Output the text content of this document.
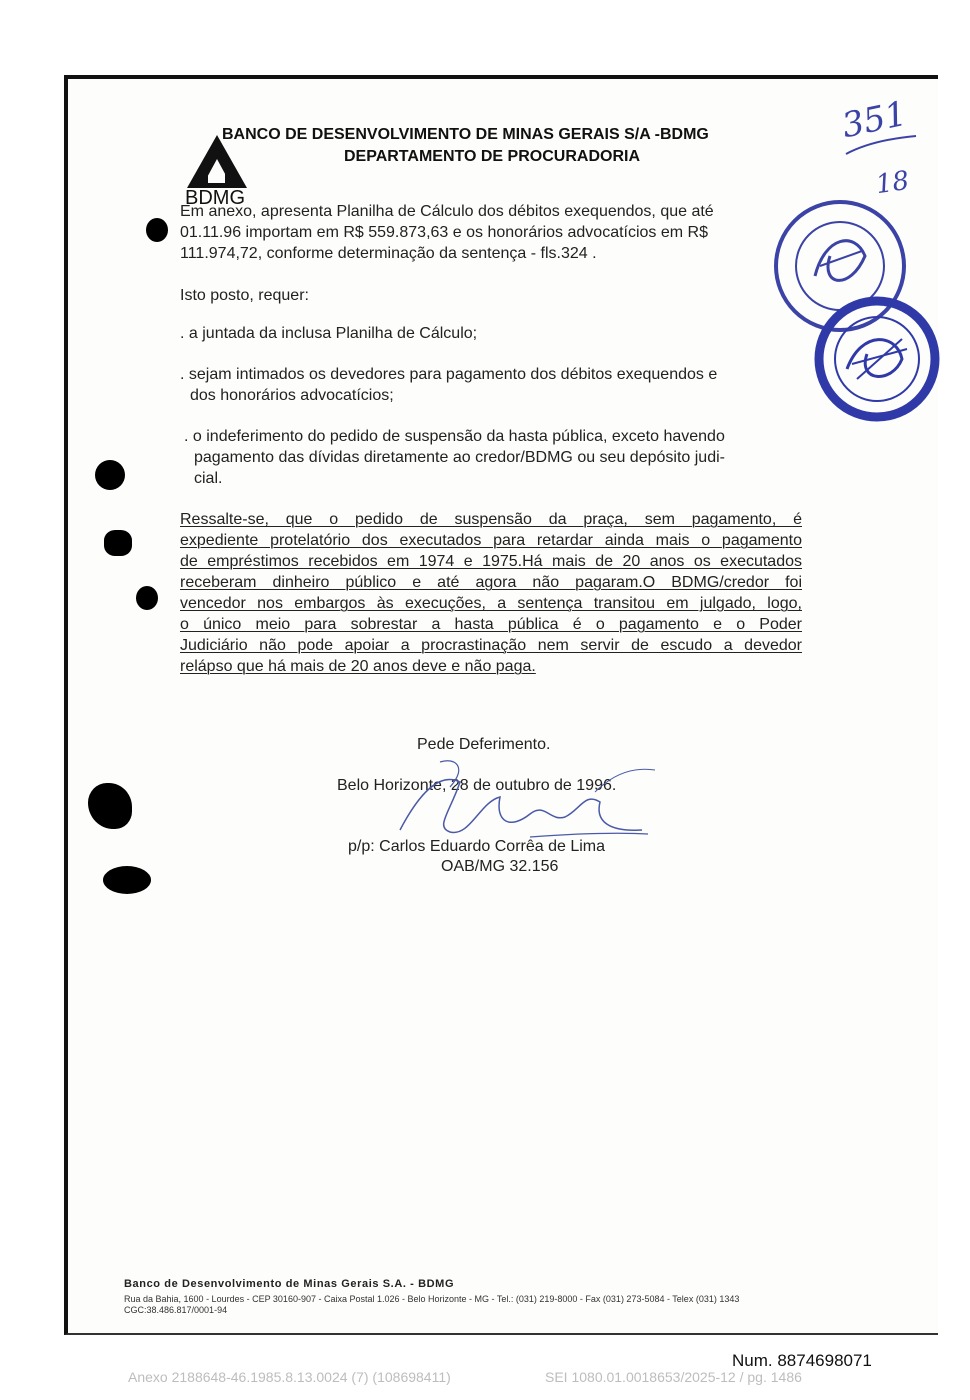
BDMG
BANCO DE DESENVOLVIMENTO DE MINAS GERAIS S/A -BDMG
DEPARTAMENTO DE PROCURADORIA
351
18
Em anexo, apresenta Planilha de Cálculo dos débitos exequendos, que até
01.11.96 importam em R$ 559.873,63 e os honorários advocatícios em R$
111.974,72, conforme determinação da sentença - fls.324 .
Isto posto, requer:
. a juntada da inclusa Planilha de Cálculo;
. sejam intimados os devedores para pagamento dos débitos exequendos e
dos honorários advocatícios;
. o indeferimento do pedido de suspensão da hasta pública, exceto havendo
pagamento das dívidas diretamente ao credor/BDMG ou seu depósito judi-
cial.
Ressalte-se, que o pedido de suspensão da praça, sem pagamento, é
expediente protelatório dos executados para retardar ainda mais o pagamento
de empréstimos recebidos em 1974 e 1975.Há mais de 20 anos os executados
receberam dinheiro público e até agora não pagaram.O BDMG/credor foi
vencedor nos embargos às execuções, a sentença transitou em julgado, logo,
o único meio para sobrestar a hasta pública é o pagamento e o Poder
Judiciário não pode apoiar a procrastinação nem servir de escudo a devedor
relápso que há mais de 20 anos deve e não paga.
Pede Deferimento.
Belo Horizonte, 28 de outubro de 1996.
p/p: Carlos Eduardo Corrêa de Lima
OAB/MG 32.156
Banco de Desenvolvimento de Minas Gerais S.A. - BDMG
Rua da Bahia, 1600 - Lourdes - CEP 30160-907 - Caixa Postal 1.026 - Belo Horizonte - MG - Tel.: (031) 219-8000 - Fax (031) 273-5084 - Telex (031) 1343
CGC:38.486.817/0001-94
Num. 8874698071
Anexo 2188648-46.1985.8.13.0024 (7) (108698411)	SEI 1080.01.0018653/2025-12 / pg. 1486
